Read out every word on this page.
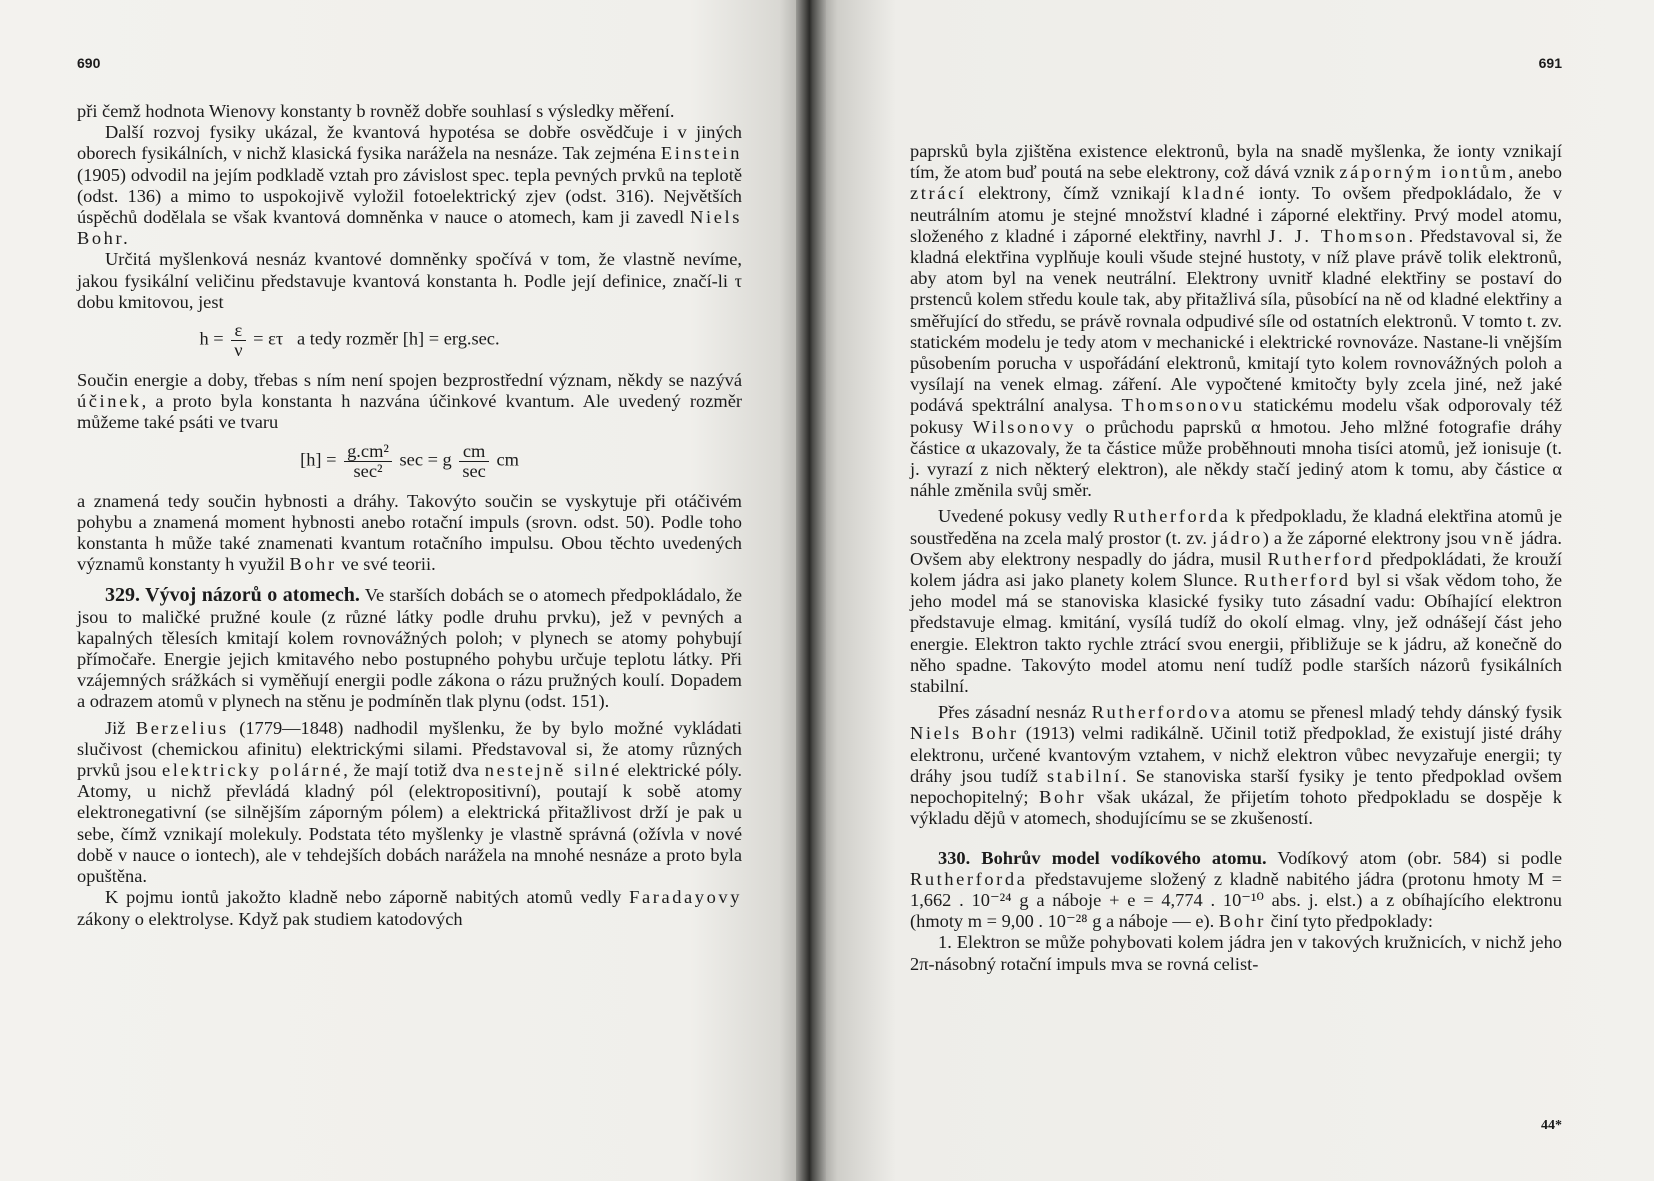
690

při čemž hodnota Wienovy konstanty b rovněž dobře souhlasí s výsledky měření.

Další rozvoj fysiky ukázal, že kvantová hypotésa se dobře osvědčuje i v jiných oborech fysikálních, v nichž klasická fysika narážela na nesnáze. Tak zejména Einstein (1905) odvodil na jejím podkladě vztah pro závislost spec. tepla pevných prvků na teplotě (odst. 136) a mimo to uspokojivě vyložil fotoelektrický zjev (odst. 316). Největších úspěchů dodělala se však kvantová domněnka v nauce o atomech, kam ji zavedl Niels Bohr.

Určitá myšlenková nesnáz kvantové domněnky spočívá v tom, že vlastně nevíme, jakou fysikální veličinu představuje kvantová konstanta h. Podle její definice, značí-li τ dobu kmitovou, jest

$h = \frac{\varepsilon}{\nu} = \varepsilon\tau$   a tedy rozměr [h] = erg.sec.

Součin energie a doby, třebas s ním není spojen bezprostřední význam, někdy se nazývá účinek, a proto byla konstanta h nazvána účinkové kvantum. Ale uvedený rozměr můžeme také psáti ve tvaru

$[h] = \frac{\text{g.cm²}}{\text{sec²}}$ sec = g $\frac{cm}{\sec}$ cm

a znamená tedy součin hybnosti a dráhy. Takovýto součin se vyskytuje při otáčivém pohybu a znamená moment hybnosti anebo rotační impuls (srovn. odst. 50). Podle toho konstanta h může také znamenati kvantum rotačního impulsu. Obou těchto uvedených významů konstanty h využil Bohr ve své teorii.

329. Vývoj názorů o atomech. Ve starších dobách se o atomech předpokládalo, že jsou to maličké pružné koule (z různé látky podle druhu prvku), jež v pevných a kapalných tělesích kmitají kolem rovnovážných poloh; v plynech se atomy pohybují přímočaře. Energie jejich kmitavého nebo postupného pohybu určuje teplotu látky. Při vzájemných srážkách si vyměňují energii podle zákona o rázu pružných koulí. Dopadem a odrazem atomů v plynech na stěnu je podmíněn tlak plynu (odst. 151).

Již Berzelius (1779—1848) nadhodil myšlenku, že by bylo možné vykládati slučivost (chemickou afinitu) elektrickými silami. Představoval si, že atomy různých prvků jsou elektricky polárné, že mají totiž dva nestejně silné elektrické póly. Atomy, u nichž převládá kladný pól (elektropositivní), poutají k sobě atomy elektronegativní (se silnějším záporným pólem) a elektrická přitažlivost drží je pak u sebe, čímž vznikají molekuly. Podstata této myšlenky je vlastně správná (ožívla v nové době v nauce o iontech), ale v tehdejších dobách narážela na mnohé nesnáze a proto byla opuštěna.

K pojmu iontů jakožto kladně nebo záporně nabitých atomů vedly Faradayovy zákony o elektrolyse. Když pak studiem katodových

691

paprsků byla zjištěna existence elektronů, byla na snadě myšlenka, že ionty vznikají tím, že atom buď poutá na sebe elektrony, což dává vznik záporným iontům, anebo ztrácí elektrony, čímž vznikají kladné ionty. To ovšem předpokládalo, že v neutrálním atomu je stejné množství kladné i záporné elektřiny. Prvý model atomu, složeného z kladné i záporné elektřiny, navrhl J. J. Thomson. Představoval si, že kladná elektřina vyplňuje kouli všude stejné hustoty, v níž plave právě tolik elektronů, aby atom byl na venek neutrální. Elektrony uvnitř kladné elektřiny se postaví do prstenců kolem středu koule tak, aby přitažlivá síla, působící na ně od kladné elektřiny a směřující do středu, se právě rovnala odpudivé síle od ostatních elektronů. V tomto t. zv. statickém modelu je tedy atom v mechanické i elektrické rovnováze. Nastane-li vnějším působením porucha v uspořádání elektronů, kmitají tyto kolem rovnovážných poloh a vysílají na venek elmag. záření. Ale vypočtené kmitočty byly zcela jiné, než jaké podává spektrální analysa. Thomsonovu statickému modelu však odporovaly též pokusy Wilsonovy o průchodu paprsků α hmotou. Jeho mlžné fotografie dráhy částice α ukazovaly, že ta částice může proběhnouti mnoha tisíci atomů, jež ionisuje (t. j. vyrazí z nich některý elektron), ale někdy stačí jediný atom k tomu, aby částice α náhle změnila svůj směr.

Uvedené pokusy vedly Rutherforda k předpokladu, že kladná elektřina atomů je soustředěna na zcela malý prostor (t. zv. jádro) a že záporné elektrony jsou vně jádra. Ovšem aby elektrony nespadly do jádra, musil Rutherford předpokládati, že krouží kolem jádra asi jako planety kolem Slunce. Rutherford byl si však vědom toho, že jeho model má se stanoviska klasické fysiky tuto zásadní vadu: Obíhající elektron představuje elmag. kmitání, vysílá tudíž do okolí elmag. vlny, jež odnášejí část jeho energie. Elektron takto rychle ztrácí svou energii, přibližuje se k jádru, až konečně do něho spadne. Takovýto model atomu není tudíž podle starších názorů fysikálních stabilní.

Přes zásadní nesnáz Rutherfordova atomu se přenesl mladý tehdy dánský fysik Niels Bohr (1913) velmi radikálně. Učinil totiž předpoklad, že existují jisté dráhy elektronu, určené kvantovým vztahem, v nichž elektron vůbec nevyzařuje energii; ty dráhy jsou tudíž stabilní. Se stanoviska starší fysiky je tento předpoklad ovšem nepochopitelný; Bohr však ukázal, že přijetím tohoto předpokladu se dospěje k výkladu dějů v atomech, shodujícímu se se zkušeností.

330. Bohrův model vodíkového atomu. Vodíkový atom (obr. 584) si podle Rutherforda představujeme složený z kladně nabitého jádra (protonu hmoty M = 1,662 . 10⁻²⁴ g a náboje + e = 4,774 . 10⁻¹⁰ abs. j. elst.) a z obíhajícího elektronu (hmoty m = 9,00 . 10⁻²⁸ g a náboje — e). Bohr činí tyto předpoklady:

1. Elektron se může pohybovati kolem jádra jen v takových kružnicích, v nichž jeho 2π-násobný rotační impuls mva se rovná celist-

44*
